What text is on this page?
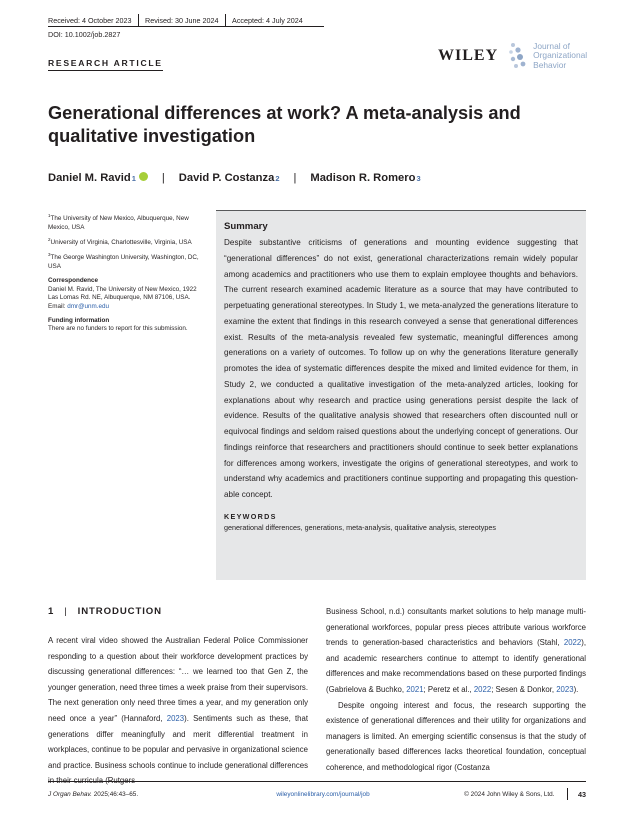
Received: 4 October 2023	Revised: 30 June 2024	Accepted: 4 July 2024
DOI: 10.1002/job.2827
RESEARCH ARTICLE	WILEY
Journal of
Organizational
Behavior
Generational differences at work? A meta-analysis and qualitative investigation
Daniel M. Ravid 1	|	David P. Costanza 2	|	Madison R. Romero 3

$^1$The University of New Mexico, Albuquerque, New Mexico, USA

$^2$University of Virginia, Charlottesville, Virginia, USA

$^3$The George Washington University, Washington, DC, USA

Correspondence

Daniel M. Ravid, The University of New Mexico, 1922 Las Lomas Rd. NE, Albuquerque, NM 87106, USA.
Email: dmr@unm.edu

Funding information

There are no funders to report for this submission.

Summary
Despite substantive criticisms of generations and mounting evidence suggesting that “generational differences” do not exist, generational characterizations remain widely popular among academics and practitioners who use them to explain employee thoughts and behaviors. The current research examined academic literature as a source that may have contributed to perpetuating generational stereotypes. In Study 1, we meta-analyzed the generations literature to examine the extent that findings in this research conveyed a sense that generational differences exist. Results of the meta-analysis revealed few systematic, meaningful differences among generations on a variety of outcomes. To follow up on why the generations literature generally promotes the idea of systematic differences despite the mixed and limited evidence for them, in Study 2, we conducted a qualitative investigation of the meta-analyzed articles, looking for explanations about why research and practice using generations persist despite the lack of evidence. Results of the qualitative analysis showed that researchers often discounted null or equivocal findings and seldom raised questions about the underlying concept of generations. Our findings reinforce that researchers and practitioners should continue to seek better explanations for differences among workers, investigate the origins of generational stereotypes, and work to understand why academics and practitioners continue supporting and propagating this questionable concept.
KEYWORDS
generational differences, generations, meta-analysis, qualitative analysis, stereotypes
1 | INTRODUCTION

A recent viral video showed the Australian Federal Police Commissioner responding to a question about their workforce development practices by discussing generational differences: “… we learned too that Gen Z, the younger generation, need three times a week praise from their supervisors. The next generation only need three times a year, and my generation only need once a year” (Hannaford, 2023). Sentiments such as these, that generations differ meaningfully and merit differential treatment in workplaces, continue to be popular and pervasive in organizational science and practice. Business schools continue to include generational differences in their curricula (Rutgers

Business School, n.d.) consultants market solutions to help manage multi-generational workforces, popular press pieces attribute various workforce trends to generation-based characteristics and behaviors (Stahl, 2022), and academic researchers continue to attempt to identify generational differences and make recommendations based on these purported findings (Gabrielova & Buchko, 2021; Peretz et al., 2022; Sesen & Donkor, 2023).

Despite ongoing interest and focus, the research supporting the existence of generational differences and their utility for organizations and managers is limited. An emerging scientific consensus is that the study of generationally based differences lacks theoretical foundation, conceptual coherence, and methodological rigor (Costanza

J Organ Behav. 2025;46:43–65.	wileyonlinelibrary.com/journal/job	© 2024 John Wiley & Sons, Ltd.	43
